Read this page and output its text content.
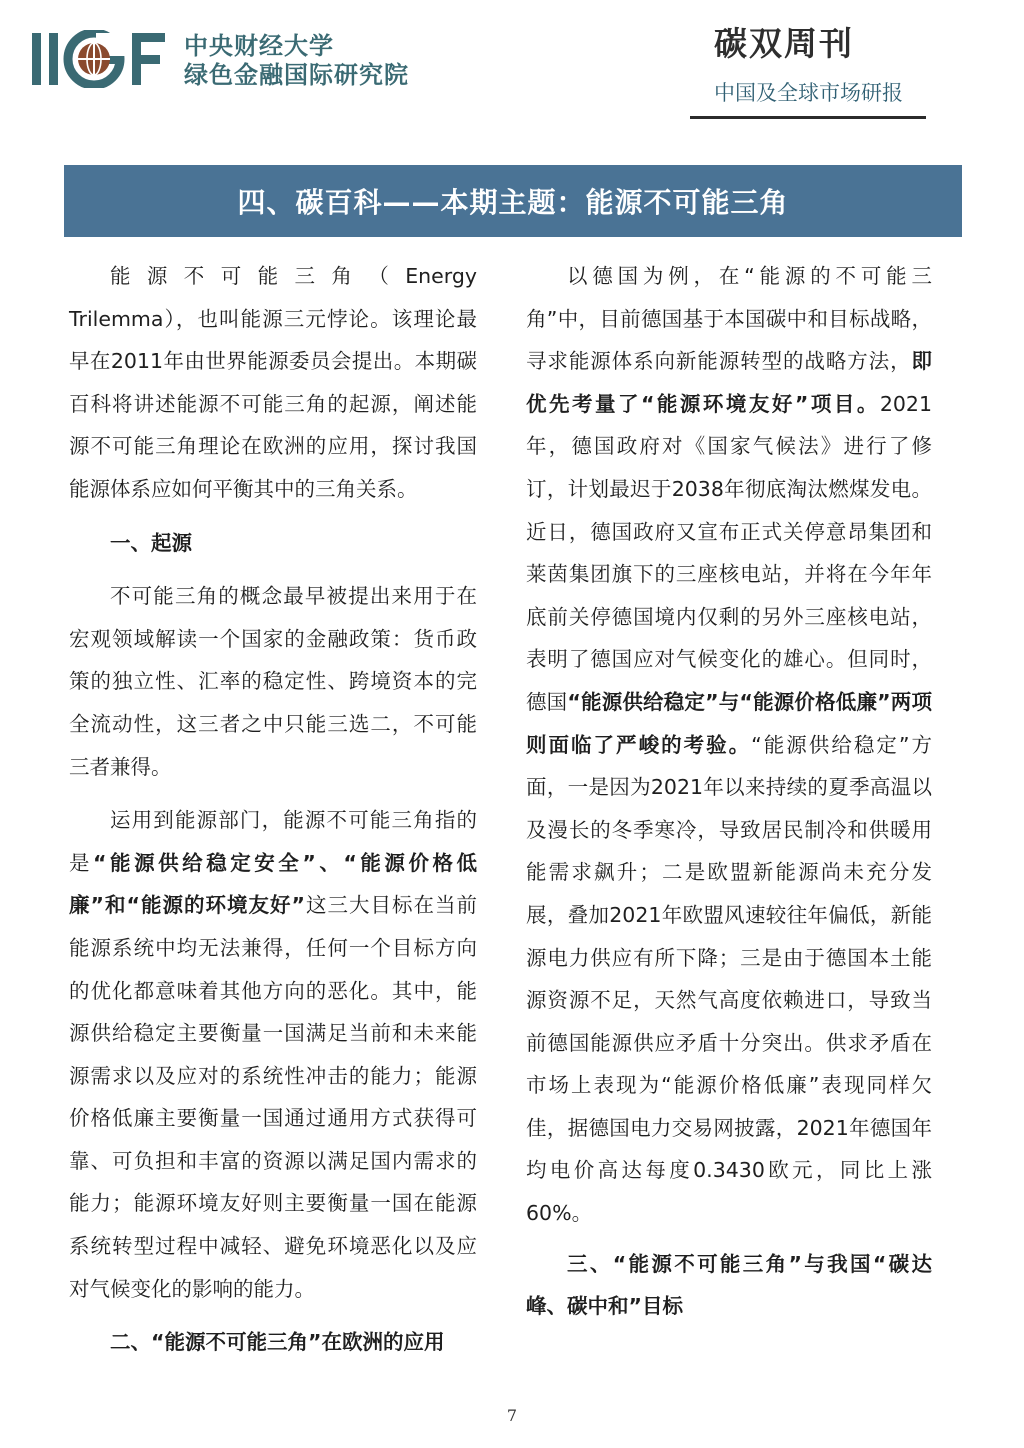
中央财经大学
绿色金融国际研究院
碳双周刊
中国及全球市场研报
四、碳百科——本期主题：能源不可能三角

能源不可能三角（Energy Trilemma），也叫能源三元悖论。该理论最早在2011年由世界能源委员会提出。本期碳百科将讲述能源不可能三角的起源，阐述能源不可能三角理论在欧洲的应用，探讨我国能源体系应如何平衡其中的三角关系。

一、起源

不可能三角的概念最早被提出来用于在宏观领域解读一个国家的金融政策：货币政策的独立性、汇率的稳定性、跨境资本的完全流动性，这三者之中只能三选二，不可能三者兼得。

运用到能源部门，能源不可能三角指的是“能源供给稳定安全”、“能源价格低廉”和“能源的环境友好”这三大目标在当前能源系统中均无法兼得，任何一个目标方向的优化都意味着其他方向的恶化。其中，能源供给稳定主要衡量一国满足当前和未来能源需求以及应对的系统性冲击的能力；能源价格低廉主要衡量一国通过通用方式获得可靠、可负担和丰富的资源以满足国内需求的能力；能源环境友好则主要衡量一国在能源系统转型过程中减轻、避免环境恶化以及应对气候变化的影响的能力。

二、“能源不可能三角”在欧洲的应用

以德国为例，在“能源的不可能三角”中，目前德国基于本国碳中和目标战略，寻求能源体系向新能源转型的战略方法，即优先考量了“能源环境友好”项目。2021年，德国政府对《国家气候法》进行了修订，计划最迟于2038年彻底淘汰燃煤发电。近日，德国政府又宣布正式关停意昂集团和莱茵集团旗下的三座核电站，并将在今年年底前关停德国境内仅剩的另外三座核电站，表明了德国应对气候变化的雄心。但同时，德国“能源供给稳定”与“能源价格低廉”两项则面临了严峻的考验。“能源供给稳定”方面，一是因为2021年以来持续的夏季高温以及漫长的冬季寒冷，导致居民制冷和供暖用能需求飙升；二是欧盟新能源尚未充分发展，叠加2021年欧盟风速较往年偏低，新能源电力供应有所下降；三是由于德国本土能源资源不足，天然气高度依赖进口，导致当前德国能源供应矛盾十分突出。供求矛盾在市场上表现为“能源价格低廉”表现同样欠佳，据德国电力交易网披露，2021年德国年均电价高达每度0.3430欧元，同比上涨60%。

三、“能源不可能三角”与我国“碳达峰、碳中和”目标

7
